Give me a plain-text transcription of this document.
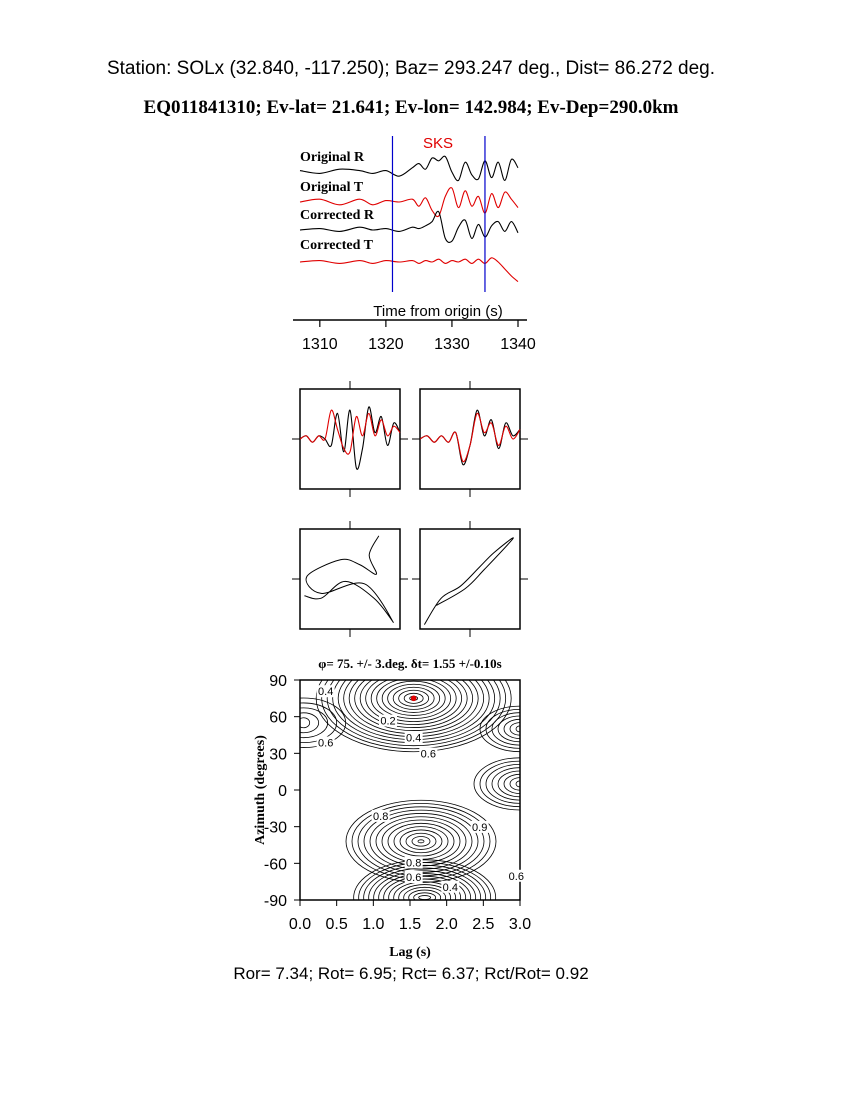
Station: SOLx (32.840, -117.250); Baz= 293.247 deg., Dist= 86.272 deg.
EQ011841310; Ev-lat= 21.641; Ev-lon= 142.984; Ev-Dep=290.0km
SKS
Original R
Original T
Corrected R
Corrected T
Time from origin (s)
1310 1320 1330 1340
φ= 75. +/- 3.deg. δt= 1.55 +/-0.10s
0.4
0.2
0.4
0.6
0.6
0.8
0.9
0.8
0.6
0.4
0.6
0.0 0.5 1.0 1.5 2.0 2.5 3.0
90
60
30
0
-30
-60
-90
Lag (s)
Azimuth (degrees)
Ror= 7.34; Rot= 6.95; Rct= 6.37; Rct/Rot= 0.92
